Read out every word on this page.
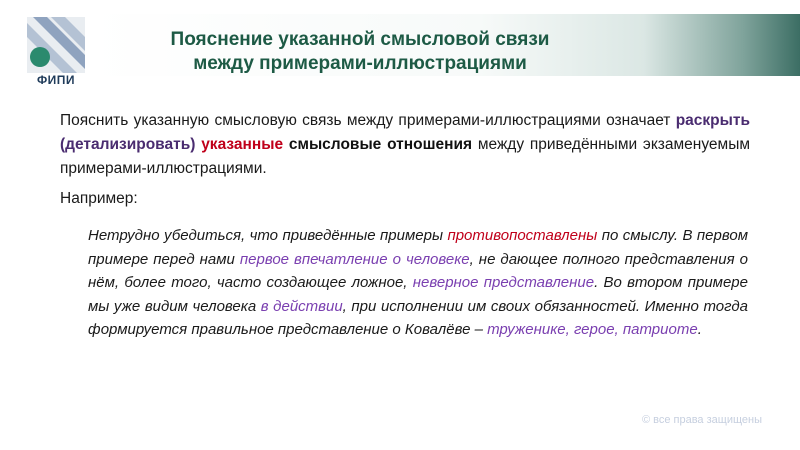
ФИПИ
Пояснение указанной смысловой связи
между примерами-иллюстрациями
Пояснить указанную смысловую связь между примерами-иллюстрациями означает раскрыть (детализировать) указанные смысловые отношения между приведёнными экзаменуемым примерами-иллюстрациями.
Например:
Нетрудно убедиться, что приведённые примеры противопоставлены по смыслу. В первом примере перед нами первое впечатление о человеке, не дающее полного представления о нём, более того, часто создающее ложное, неверное представление. Во втором примере мы уже видим человека в действии, при исполнении им своих обязанностей. Именно тогда формируется правильное представление о Ковалёве – труженике, герое, патриоте.
© все права защищены
